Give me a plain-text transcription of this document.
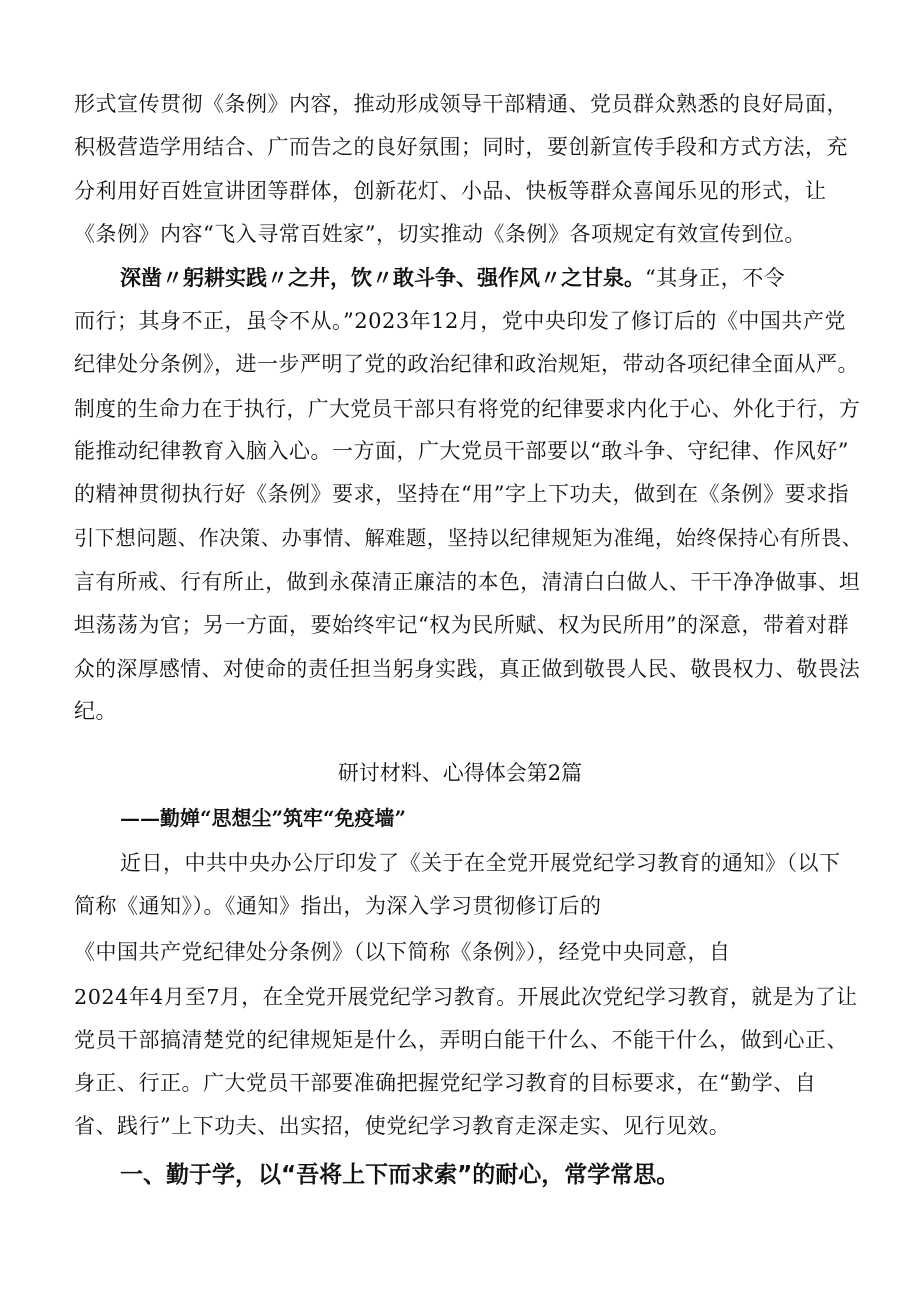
形式宣传贯彻《条例》内容，推动形成领导干部精通、党员群众熟悉的良好局面，

积极营造学用结合、广而告之的良好氛围；同时，要创新宣传手段和方式方法，充

分利用好百姓宣讲团等群体，创新花灯、小品、快板等群众喜闻乐见的形式，让

《条例》内容“飞入寻常百姓家”，切实推动《条例》各项规定有效宣传到位。

深凿〃躬耕实践〃之井，饮〃敢斗争、强作风〃之甘泉。“其身正，不令

而行；其身不正，虽令不从。”2023年12月，党中央印发了修订后的《中国共产党

纪律处分条例》，进一步严明了党的政治纪律和政治规矩，带动各项纪律全面从严。

制度的生命力在于执行，广大党员干部只有将党的纪律要求内化于心、外化于行，方

能推动纪律教育入脑入心。一方面，广大党员干部要以“敢斗争、守纪律、作风好”

的精神贯彻执行好《条例》要求，坚持在“用”字上下功夫，做到在《条例》要求指

引下想问题、作决策、办事情、解难题，坚持以纪律规矩为准绳，始终保持心有所畏、

言有所戒、行有所止，做到永葆清正廉洁的本色，清清白白做人、干干净净做事、坦

坦荡荡为官；另一方面，要始终牢记“权为民所赋、权为民所用”的深意，带着对群

众的深厚感情、对使命的责任担当躬身实践，真正做到敬畏人民、敬畏权力、敬畏法

纪。

研讨材料、心得体会第2篇

——勤婵“思想尘”筑牢“免疫墙”

近日，中共中央办公厅印发了《关于在全党开展党纪学习教育的通知》（以下

简称《通知》）。《通知》指出，为深入学习贯彻修订后的

《中国共产党纪律处分条例》（以下简称《条例》），经党中央同意，自

2024年4月至7月，在全党开展党纪学习教育。开展此次党纪学习教育，就是为了让

党员干部搞清楚党的纪律规矩是什么，弄明白能干什么、不能干什么，做到心正、

身正、行正。广大党员干部要准确把握党纪学习教育的目标要求，在“勤学、自

省、践行”上下功夫、出实招，使党纪学习教育走深走实、见行见效。

一、勤于学，以“吾将上下而求索”的耐心，常学常思。
